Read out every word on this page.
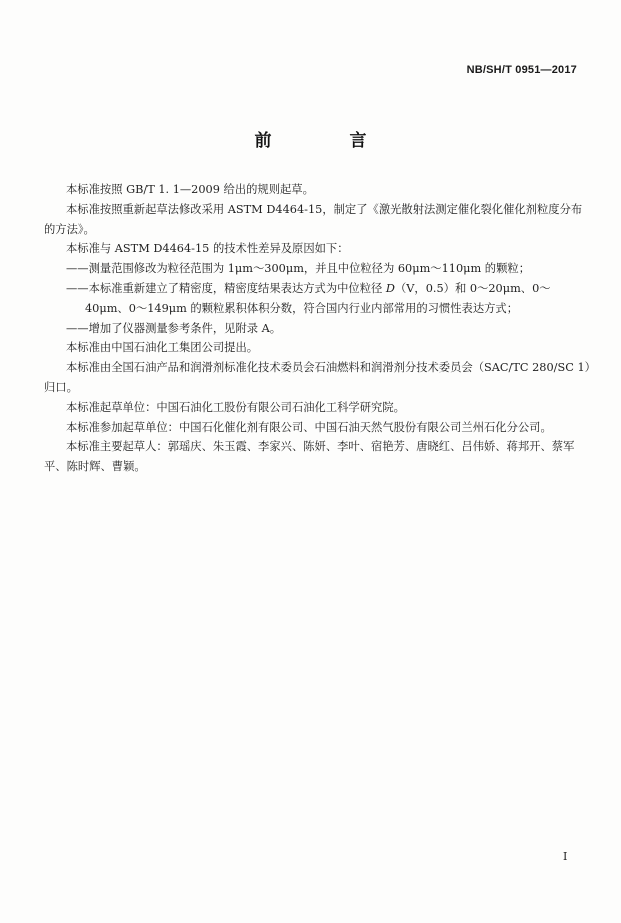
NB/SH/T 0951—2017
前 言

本标准按照 GB/T 1. 1—2009 给出的规则起草。

本标准按照重新起草法修改采用 ASTM D4464-15，制定了《激光散射法测定催化裂化催化剂粒度分布的方法》。

本标准与 ASTM D4464-15 的技术性差异及原因如下：

——测量范围修改为粒径范围为 1μm～300μm，并且中位粒径为 60μm～110μm 的颗粒；

——本标准重新建立了精密度，精密度结果表达方式为中位粒径 D（V，0.5）和 0～20μm、0～40μm、0～149μm 的颗粒累积体积分数，符合国内行业内部常用的习惯性表达方式；

——增加了仪器测量参考条件，见附录 A。

本标准由中国石油化工集团公司提出。

本标准由全国石油产品和润滑剂标准化技术委员会石油燃料和润滑剂分技术委员会（SAC/TC 280/SC 1）归口。

本标准起草单位：中国石油化工股份有限公司石油化工科学研究院。

本标准参加起草单位：中国石化催化剂有限公司、中国石油天然气股份有限公司兰州石化分公司。

本标准主要起草人：郭瑶庆、朱玉霞、李家兴、陈妍、李叶、宿艳芳、唐晓红、吕伟娇、蒋邦开、蔡军平、陈时辉、曹颖。

I
